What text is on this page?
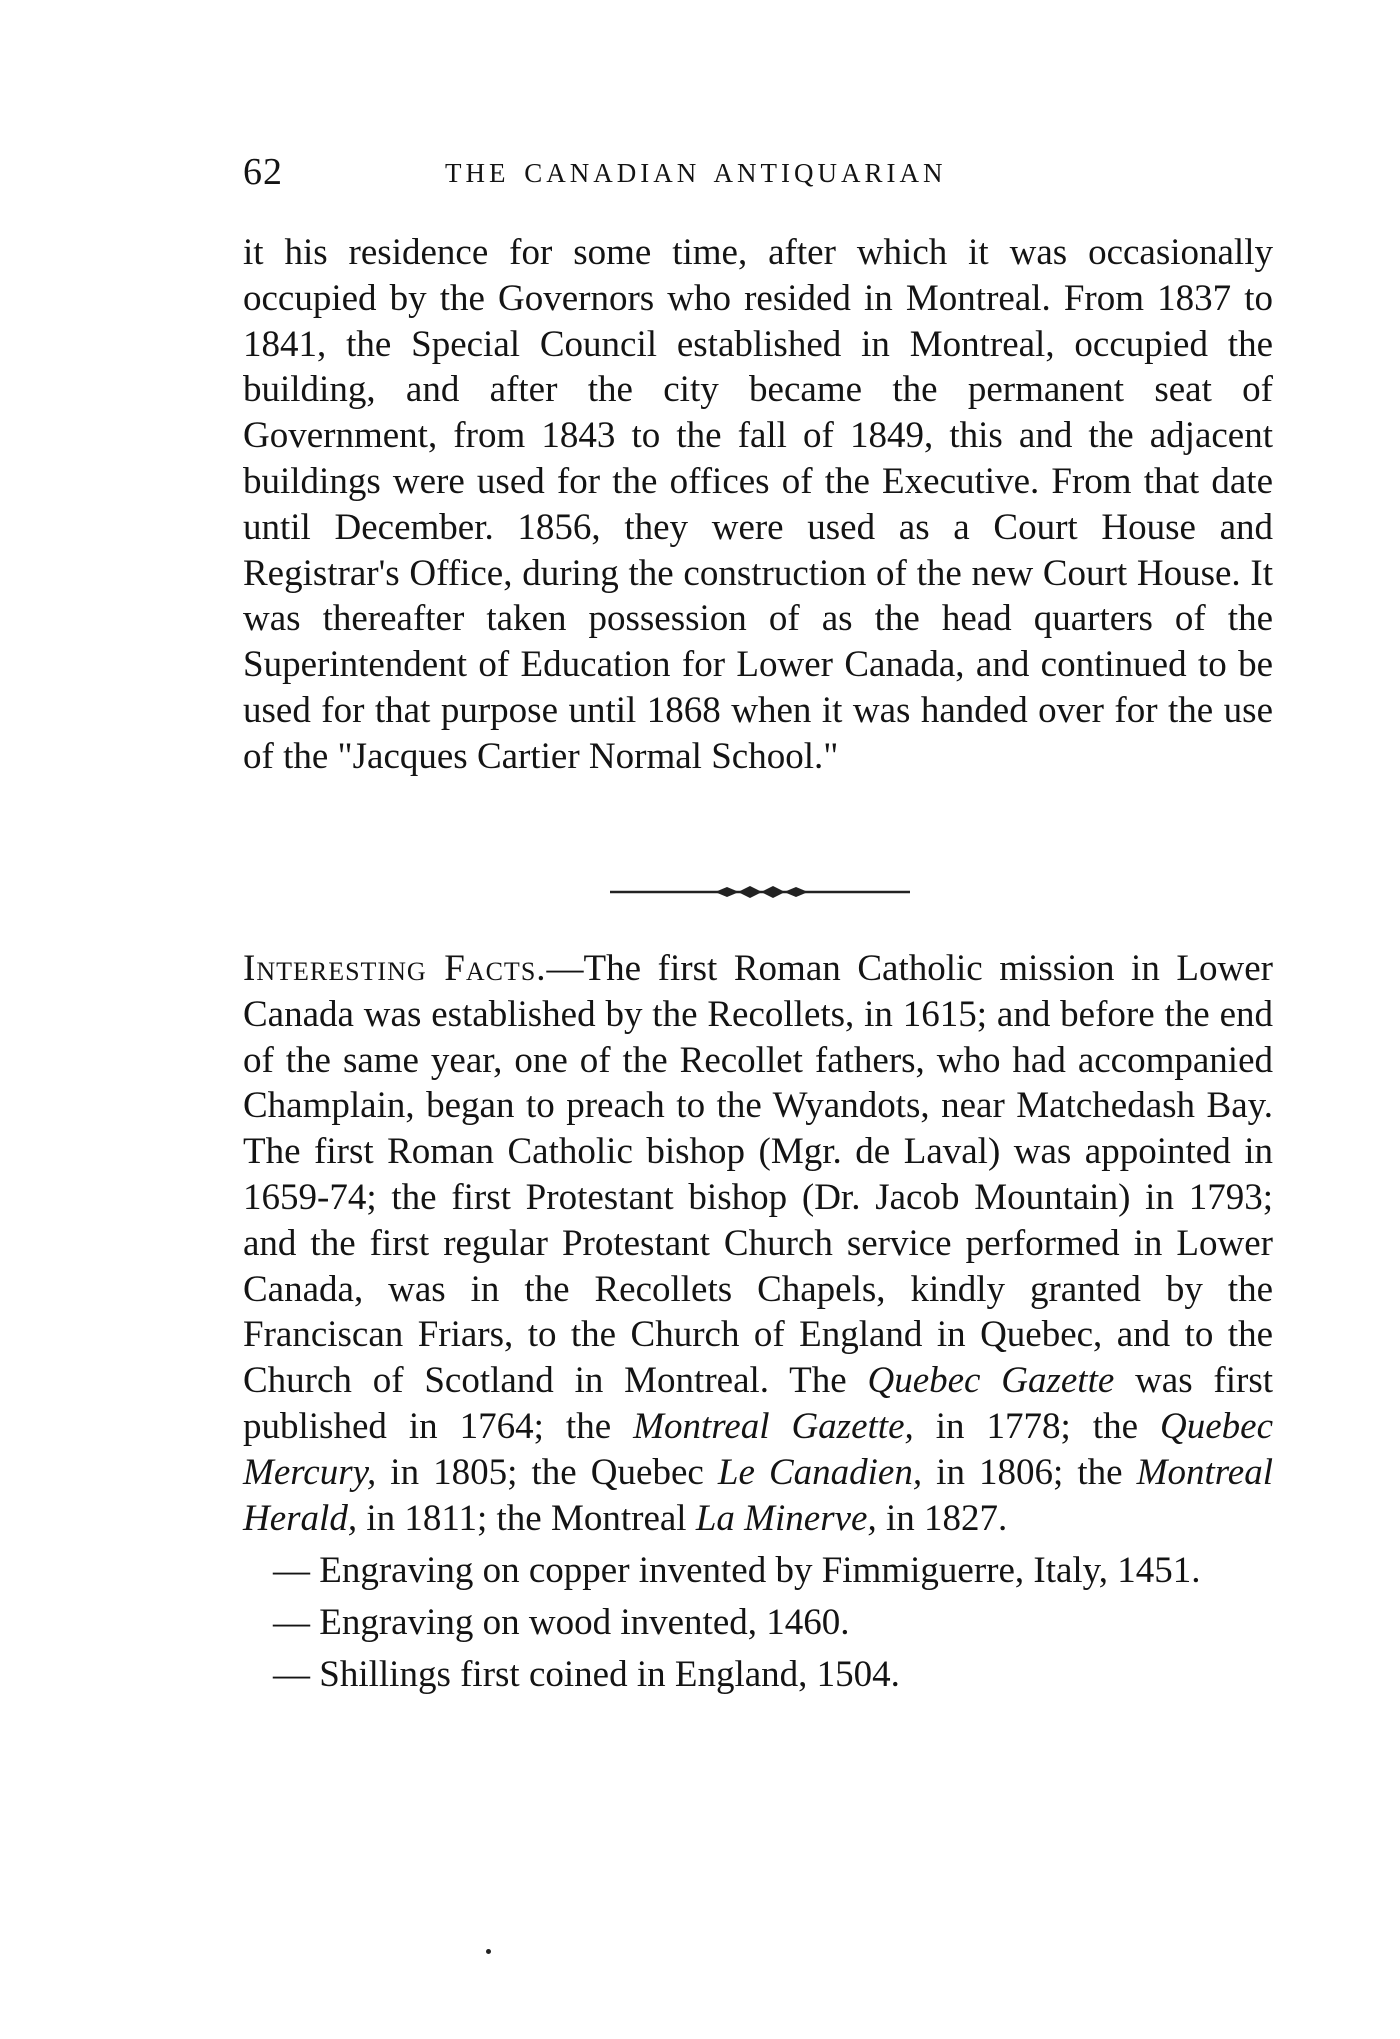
62	THE CANADIAN ANTIQUARIAN

it his residence for some time, after which it was occasionally occupied by the Governors who resided in Montreal. From 1837 to 1841, the Special Council established in Montreal, occupied the building, and after the city became the permanent seat of Government, from 1843 to the fall of 1849, this and the adjacent buildings were used for the offices of the Executive. From that date until December. 1856, they were used as a Court House and Registrar's Office, during the construction of the new Court House. It was thereafter taken possession of as the head quarters of the Superintendent of Education for Lower Canada, and continued to be used for that purpose until 1868 when it was handed over for the use of the "Jacques Cartier Normal School."

Interesting Facts.—The first Roman Catholic mission in Lower Canada was established by the Recollets, in 1615; and before the end of the same year, one of the Recollet fathers, who had accompanied Champlain, began to preach to the Wyandots, near Matchedash Bay. The first Roman Catholic bishop (Mgr. de Laval) was appointed in 1659-74; the first Protestant bishop (Dr. Jacob Mountain) in 1793; and the first regular Protestant Church service performed in Lower Canada, was in the Recollets Chapels, kindly granted by the Franciscan Friars, to the Church of England in Quebec, and to the Church of Scotland in Montreal. The Quebec Gazette was first published in 1764; the Montreal Gazette, in 1778; the Quebec Mercury, in 1805; the Quebec Le Canadien, in 1806; the Montreal Herald, in 1811; the Montreal La Minerve, in 1827.

— Engraving on copper invented by Fimmiguerre, Italy, 1451.

— Engraving on wood invented, 1460.

— Shillings first coined in England, 1504.
